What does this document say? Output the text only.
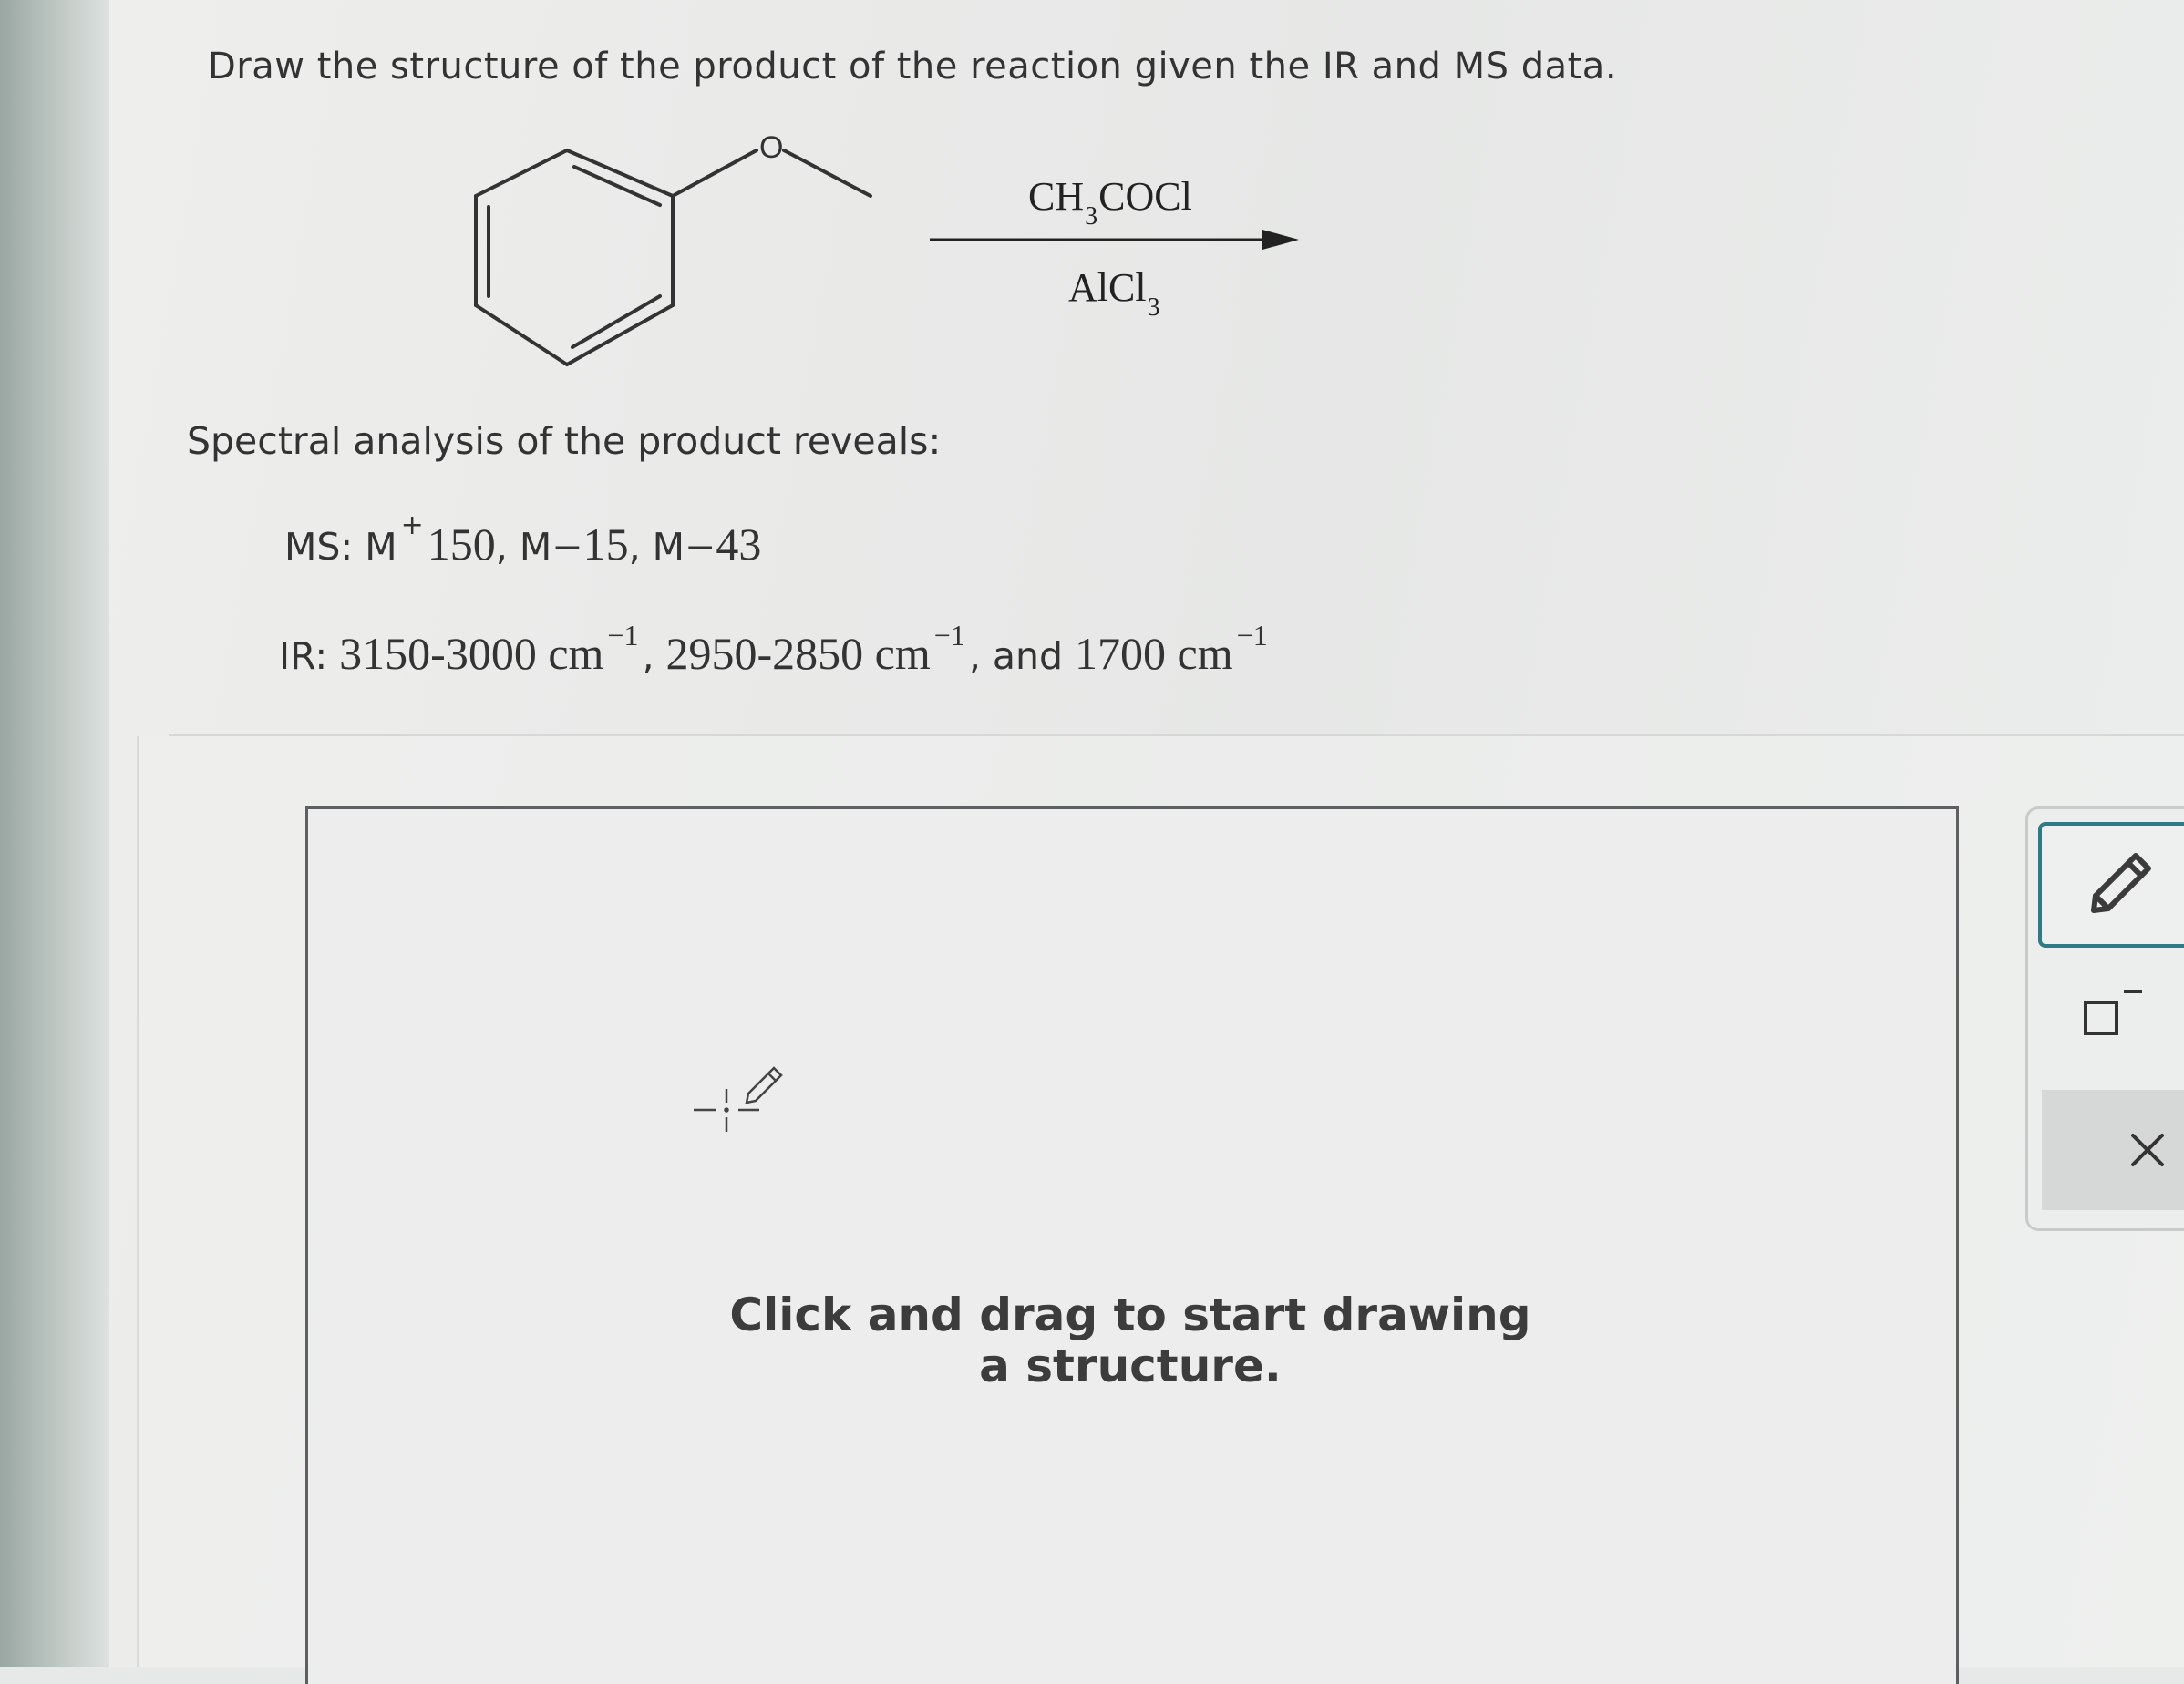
Draw the structure of the product of the reaction given the IR and MS data.
O
$CH_3COCl$
AlCl$_3$
Spectral analysis of the product reveals:
MS: M +150, M−15, M−43
IR: 3150-3000 cm $^{-1}$, 2950-2850 cm $^{-1}$, and 1700 cm $^{-1}$
Click and drag to start drawing a structure.
